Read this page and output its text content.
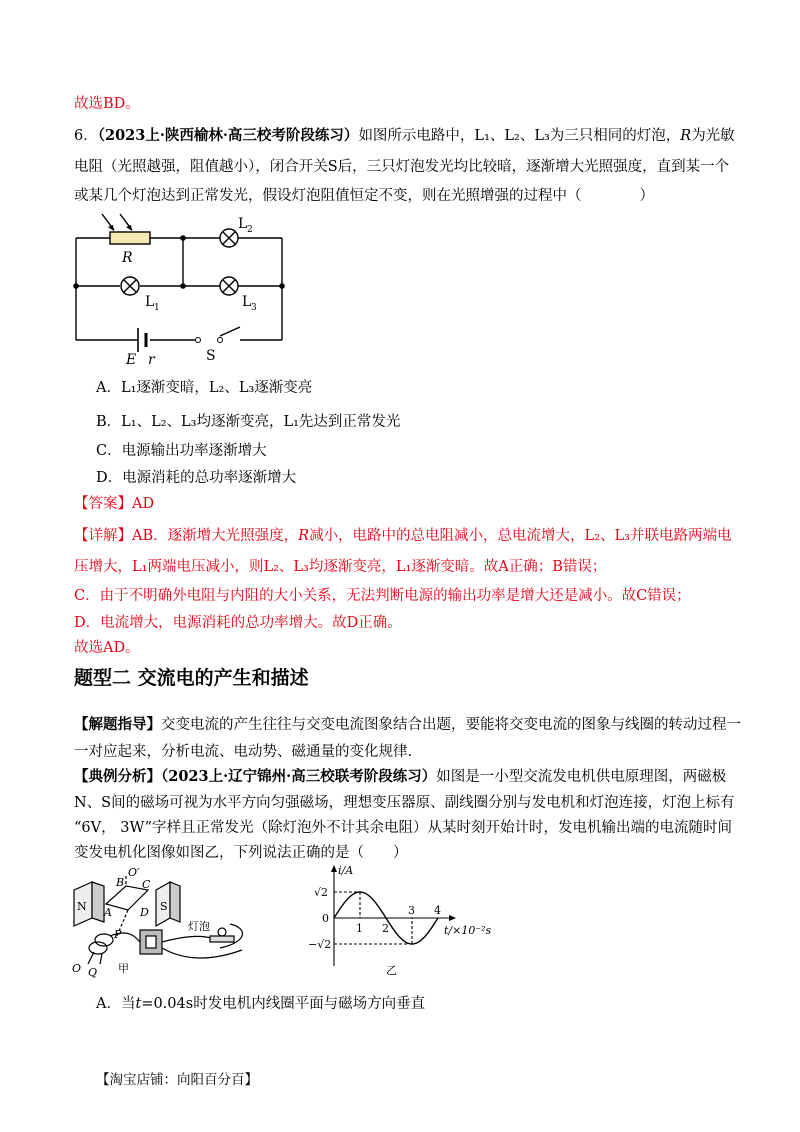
故选BD。
6．（2023上·陕西榆林·高三校考阶段练习）如图所示电路中，L₁、L₂、L₃为三只相同的灯泡，R为光敏
电阻（光照越强，阻值越小），闭合开关S后，三只灯泡发光均比较暗，逐渐增大光照强度，直到某一个
或某几个灯泡达到正常发光，假设灯泡阻值恒定不变，则在光照增强的过程中（　　　　）
R
L 2
L 1	L 3
E r	S
A．L₁逐渐变暗，L₂、L₃逐渐变亮
B．L₁、L₂、L₃均逐渐变亮，L₁先达到正常发光
C．电源输出功率逐渐增大
D．电源消耗的总功率逐渐增大
【答案】AD
【详解】AB．逐渐增大光照强度，R减小，电路中的总电阻减小，总电流增大，L₂、L₃并联电路两端电
压增大，L₁两端电压减小，则L₂、L₃均逐渐变亮，L₁逐渐变暗。故A正确；B错误；
C．由于不明确外电阻与内阻的大小关系，无法判断电源的输出功率是增大还是减小。故C错误；
D．电流增大，电源消耗的总功率增大。故D正确。
故选AD。
题型二 交流电的产生和描述
【解题指导】交变电流的产生往往与交变电流图象结合出题，要能将交变电流的图象与线圈的转动过程一
一对应起来，分析电流、电动势、磁通量的变化规律.
【典例分析】（2023上·辽宁锦州·高三校联考阶段练习）如图是一小型交流发电机供电原理图，两磁极
N、S间的磁场可视为水平方向匀强磁场，理想变压器原、副线圈分别与发电机和灯泡连接，灯泡上标有
“6V， 3W”字样且正常发光（除灯泡外不计其余电阻）从某时刻开始计时，发电机输出端的电流随时间
变发电机化图像如图乙，下列说法正确的是（　　）
N	S
A
B C
D
O′
O
P
Q
灯泡
甲
i/A
√2
0
−√2
1 2
3 4
t/×10⁻²s
乙
A．当t=0.04s时发电机内线圈平面与磁场方向垂直
【淘宝店铺：向阳百分百】
